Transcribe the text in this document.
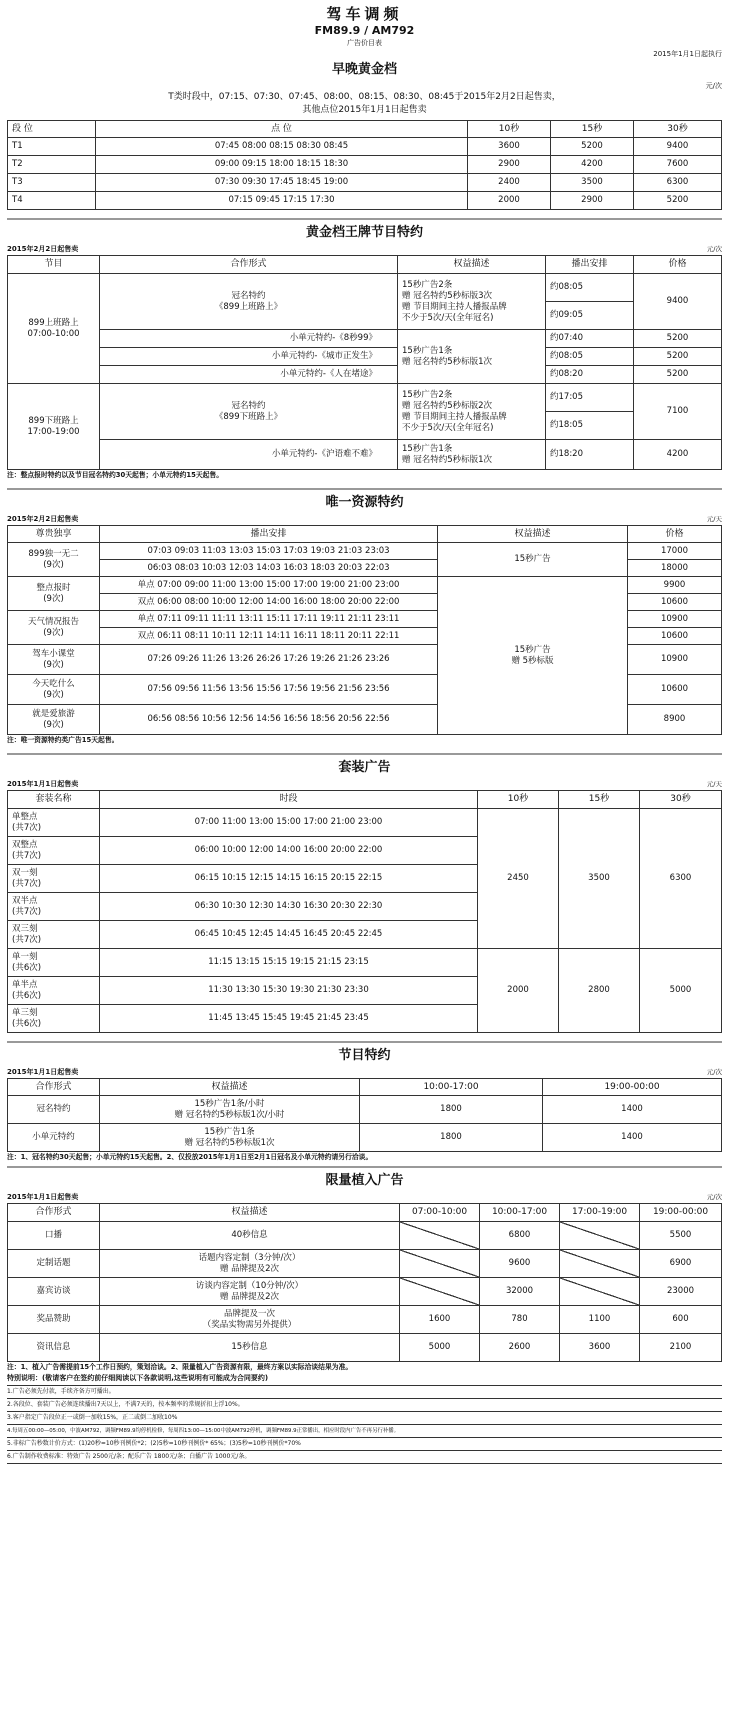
驾车调频
FM89.9 / AM792
广告价目表
2015年1月1日起执行
早晚黄金档
元/次
T类时段中，07:15、07:30、07:45、08:00、08:15、08:30、08:45于2015年2月2日起售卖，
其他点位2015年1月1日起售卖
段 位	点 位	10秒	15秒	30秒
T1	07:45 08:00 08:15 08:30 08:45	3600	5200	9400
T2	09:00 09:15 18:00 18:15 18:30	2900	4200	7600
T3	07:30 09:30 17:45 18:45 19:00	2400	3500	6300
T4	07:15 09:45 17:15 17:30	2000	2900	5200
黄金档王牌节目特约
2015年2月2日起售卖	元/次
节目	合作形式	权益描述	播出安排	价格
899上班路上
07:00-10:00	冠名特约
《899上班路上》	15秒广告2条
赠 冠名特约5秒标版3次
赠 节目期间主持人播报品牌
不少于5次/天(全年冠名)	约08:05	9400
			约09:05	
	小单元特约-《8秒99》	15秒广告1条
赠 冠名特约5秒标版1次	约07:40	5200
	小单元特约-《城市正发生》		约08:05	5200
	小单元特约-《人在堵途》		约08:20	5200
899下班路上
17:00-19:00	冠名特约
《899下班路上》	15秒广告2条
赠 冠名特约5秒标版2次
赠 节目期间主持人播报品牌
不少于5次/天(全年冠名)	约17:05	7100
			约18:05	
	小单元特约-《沪语难不难》	15秒广告1条
赠 冠名特约5秒标版1次	约18:20	4200
注：整点报时特约以及节目冠名特约30天起售；小单元特约15天起售。
唯一资源特约
2015年2月2日起售卖	元/天
尊贵独享	播出安排	权益描述	价格
899独一无二
(9次)	07:03 09:03 11:03 13:03 15:03 17:03 19:03 21:03 23:03	15秒广告	17000
	06:03 08:03 10:03 12:03 14:03 16:03 18:03 20:03 22:03		18000
整点报时
(9次)	单点 07:00 09:00 11:00 13:00 15:00 17:00 19:00 21:00 23:00	15秒广告
赠 5秒标版	9900
	双点 06:00 08:00 10:00 12:00 14:00 16:00 18:00 20:00 22:00		10600
天气情况报告
(9次)	单点 07:11 09:11 11:11 13:11 15:11 17:11 19:11 21:11 23:11		10900
	双点 06:11 08:11 10:11 12:11 14:11 16:11 18:11 20:11 22:11		10600
驾车小课堂
(9次)	07:26 09:26 11:26 13:26 26:26 17:26 19:26 21:26 23:26		10900
今天吃什么
(9次)	07:56 09:56 11:56 13:56 15:56 17:56 19:56 21:56 23:56		10600
就是爱旅游
(9次)	06:56 08:56 10:56 12:56 14:56 16:56 18:56 20:56 22:56		8900
注：唯一资源特约类广告15天起售。
套装广告
2015年1月1日起售卖	元/天
套装名称	时段	10秒	15秒	30秒
单整点
(共7次)	07:00 11:00 13:00 15:00 17:00 21:00 23:00	2450	3500	6300
双整点
(共7次)	06:00 10:00 12:00 14:00 16:00 20:00 22:00			
双一刻
(共7次)	06:15 10:15 12:15 14:15 16:15 20:15 22:15			
双半点
(共7次)	06:30 10:30 12:30 14:30 16:30 20:30 22:30			
双三刻
(共7次)	06:45 10:45 12:45 14:45 16:45 20:45 22:45			
单一刻
(共6次)	11:15 13:15 15:15 19:15 21:15 23:15	2000	2800	5000
单半点
(共6次)	11:30 13:30 15:30 19:30 21:30 23:30			
单三刻
(共6次)	11:45 13:45 15:45 19:45 21:45 23:45			
节目特约
2015年1月1日起售卖	元/次
合作形式	权益描述	10:00-17:00	19:00-00:00
冠名特约	15秒广告1条/小时
赠 冠名特约5秒标版1次/小时	1800	1400
小单元特约	15秒广告1条
赠 冠名特约5秒标版1次	1800	1400
注：1、冠名特约30天起售；小单元特约15天起售。2、仅投放2015年1月1日至2月1日冠名及小单元特约请另行洽谈。
限量植入广告
2015年1月1日起售卖	元/次
合作形式	权益描述	07:00-10:00	10:00-17:00	17:00-19:00	19:00-00:00
口播	40秒信息		6800		5500
定制话题	话题内容定制（3分钟/次）
赠 品牌提及2次		9600		6900
嘉宾访谈	访谈内容定制（10分钟/次）
赠 品牌提及2次		32000		23000
奖品赞助	品牌提及一次
（奖品实物需另外提供）	1600	780	1100	600
资讯信息	15秒信息	5000	2600	3600	2100
注：1、植入广告需提前15个工作日预约，策划洽谈。2、限量植入广告资源有限，最终方案以实际洽谈结果为准。
特别说明：(敬请客户在签约前仔细阅读以下各款说明,这些说明有可能成为合同要约)
1.广告必须先付款，手续齐备方可播出。
2.各段位、套装广告必须连续播出7天以上，不满7天的，按本频率的常规折扣上浮10%。
3.客户指定广告段位正一或倒一加收15%，正二或倒二加收10%
4.每周五00:00—05:00，中波AM792，调频FM89.9均停机检修，每周四13:00—15:00中波AM792停机，调频FM89.9正常播出，相应时段内广告不再另行补播。
5.非标广告秒数计价方式：(1)20秒=10秒刊例价*2；(2)5秒=10秒刊例价* 65%；(3)5秒=10秒刊例价*70%
6.广告制作收费标准：特效广告 2500元/条；配乐广告 1800元/条；白播广告 1000元/条。
